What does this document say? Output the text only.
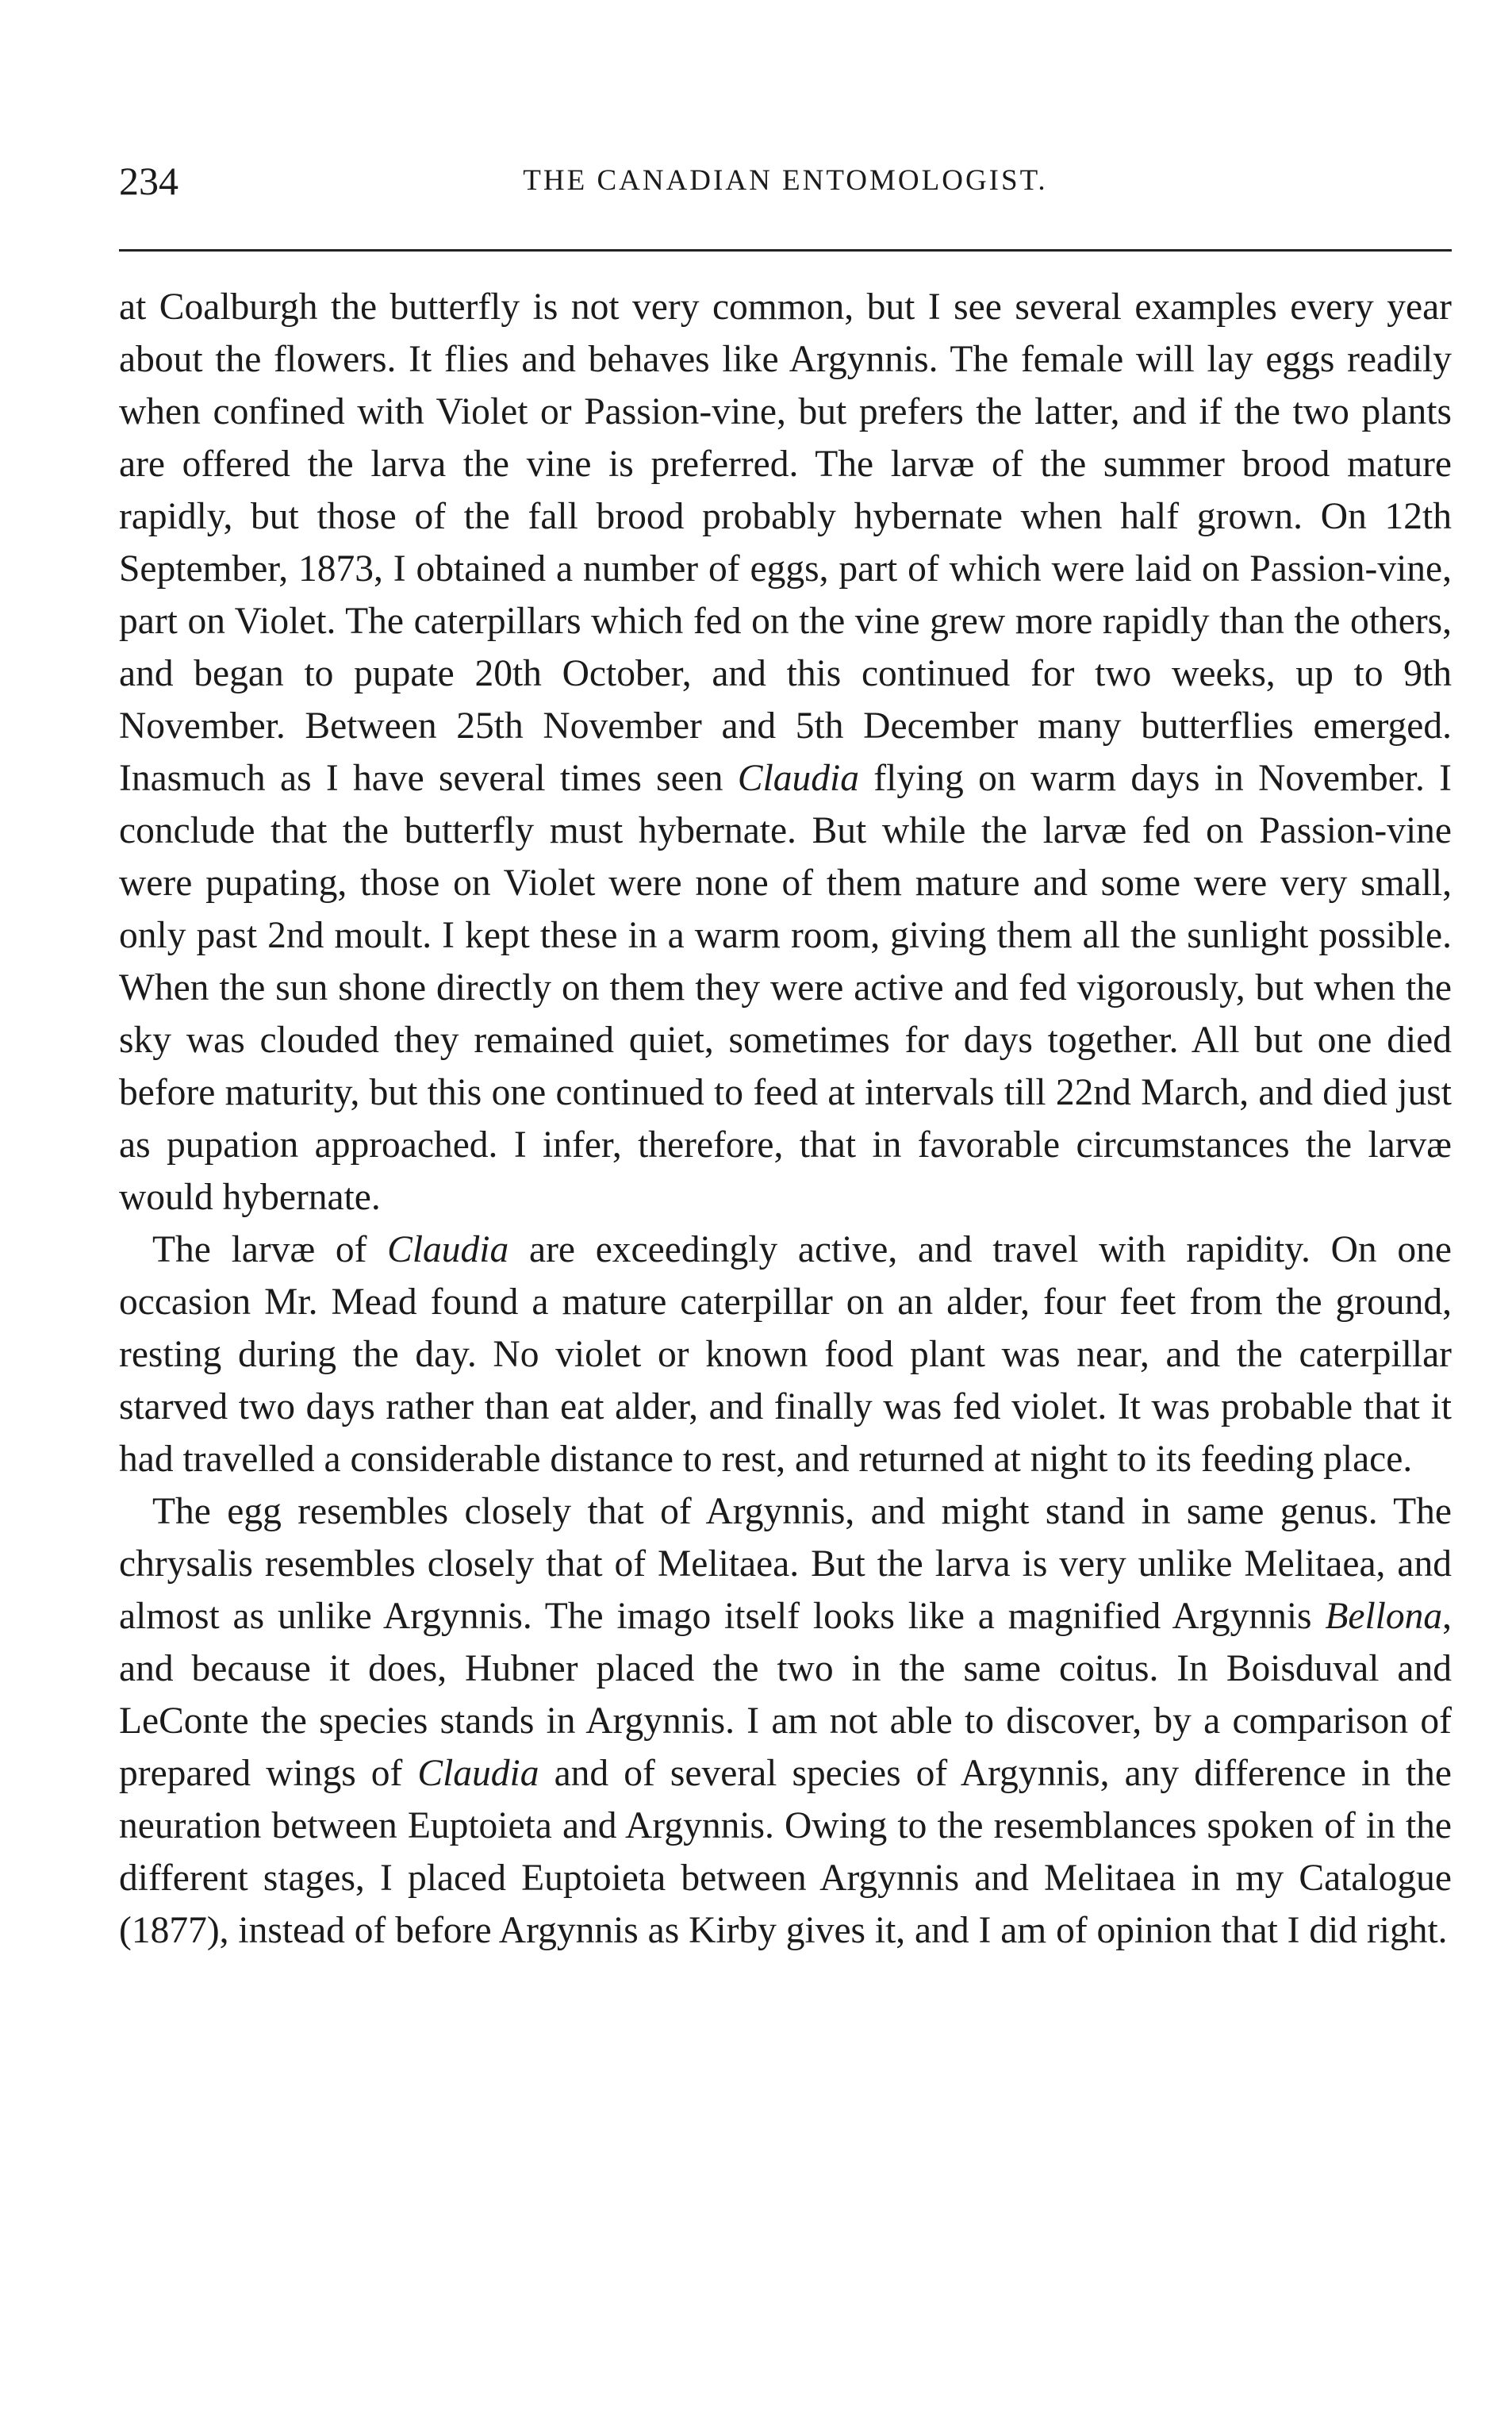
234	THE CANADIAN ENTOMOLOGIST.

at Coalburgh the butterfly is not very common, but I see several examples every year about the flowers. It flies and behaves like Argynnis. The female will lay eggs readily when confined with Violet or Passion-vine, but prefers the latter, and if the two plants are offered the larva the vine is preferred. The larvæ of the summer brood mature rapidly, but those of the fall brood probably hybernate when half grown. On 12th September, 1873, I obtained a number of eggs, part of which were laid on Passion-vine, part on Violet. The caterpillars which fed on the vine grew more rapidly than the others, and began to pupate 20th October, and this continued for two weeks, up to 9th November. Between 25th November and 5th December many butterflies emerged. Inasmuch as I have several times seen Claudia flying on warm days in November. I conclude that the butterfly must hybernate. But while the larvæ fed on Passion-vine were pupating, those on Violet were none of them mature and some were very small, only past 2nd moult. I kept these in a warm room, giving them all the sunlight possible. When the sun shone directly on them they were active and fed vigorously, but when the sky was clouded they remained quiet, sometimes for days together. All but one died before maturity, but this one continued to feed at intervals till 22nd March, and died just as pupation approached. I infer, therefore, that in favorable circumstances the larvæ would hybernate.

The larvæ of Claudia are exceedingly active, and travel with rapidity. On one occasion Mr. Mead found a mature caterpillar on an alder, four feet from the ground, resting during the day. No violet or known food plant was near, and the caterpillar starved two days rather than eat alder, and finally was fed violet. It was probable that it had travelled a considerable distance to rest, and returned at night to its feeding place.

The egg resembles closely that of Argynnis, and might stand in same genus. The chrysalis resembles closely that of Melitaea. But the larva is very unlike Melitaea, and almost as unlike Argynnis. The imago itself looks like a magnified Argynnis Bellona, and because it does, Hubner placed the two in the same coitus. In Boisduval and LeConte the species stands in Argynnis. I am not able to discover, by a comparison of prepared wings of Claudia and of several species of Argynnis, any difference in the neuration between Euptoieta and Argynnis. Owing to the resemblances spoken of in the different stages, I placed Euptoieta between Argynnis and Melitaea in my Catalogue (1877), instead of before Argynnis as Kirby gives it, and I am of opinion that I did right.
